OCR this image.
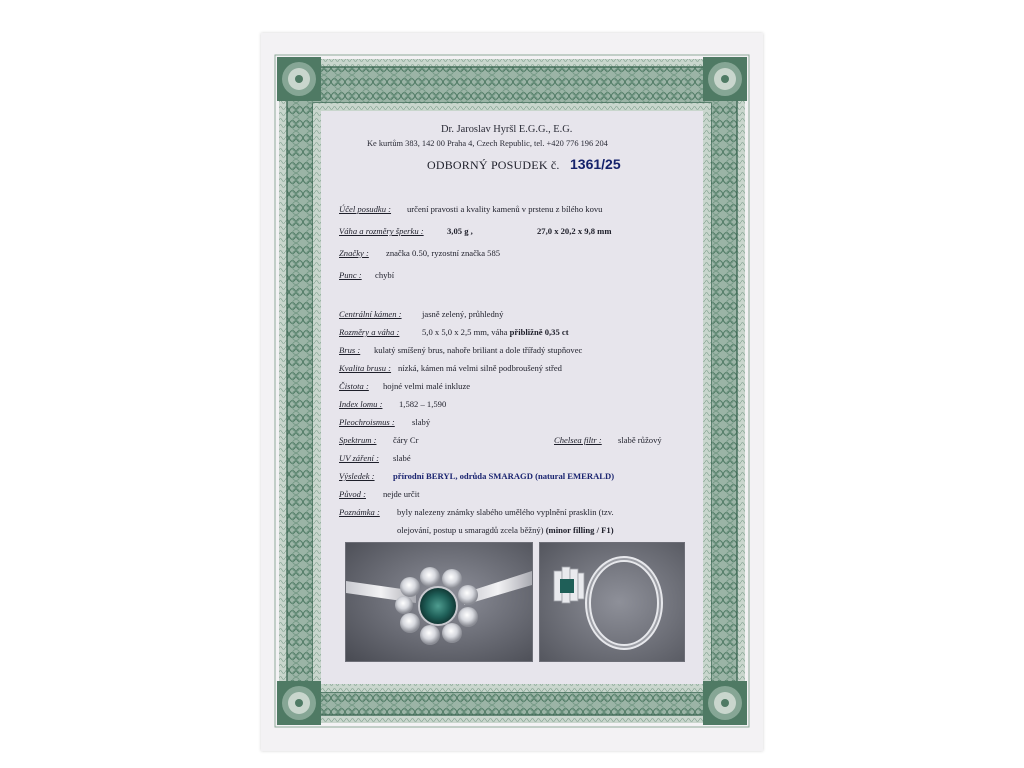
Dr. Jaroslav Hyršl E.G.G., E.G.
Ke kurtům 383, 142 00 Praha 4, Czech Republic, tel. +420 776 196 204
ODBORNÝ POSUDEK č. 1361/25
Účel posudku : určení pravosti a kvality kamenů v prstenu z bílého kovu
Váha a rozměry šperku :	3,05 g ,	27,0 x 20,2 x 9,8 mm
Značky : značka 0.50, ryzostní značka 585
Punc : chybí
Centrální kámen : jasně zelený, průhledný
Rozměry a váha :	5,0 x 5,0 x 2,5 mm, váha přibližně 0,35 ct
Brus : kulatý smíšený brus, nahoře briliant a dole třířadý stupňovec
Kvalita brusu : nízká, kámen má velmi silně podbroušený střed
Čistota : hojné velmi malé inkluze
Index lomu : 1,582 – 1,590
Pleochroismus : slabý
Spektrum : čáry Cr	Chelsea filtr : slabě růžový
UV záření : slabé
Výsledek : přírodní BERYL, odrůda SMARAGD (natural EMERALD)
Původ : nejde určit
Poznámka : byly nalezeny známky slabého umělého vyplnění prasklin (tzv.
olejování, postup u smaragdů zcela běžný) (minor filling / F1)
